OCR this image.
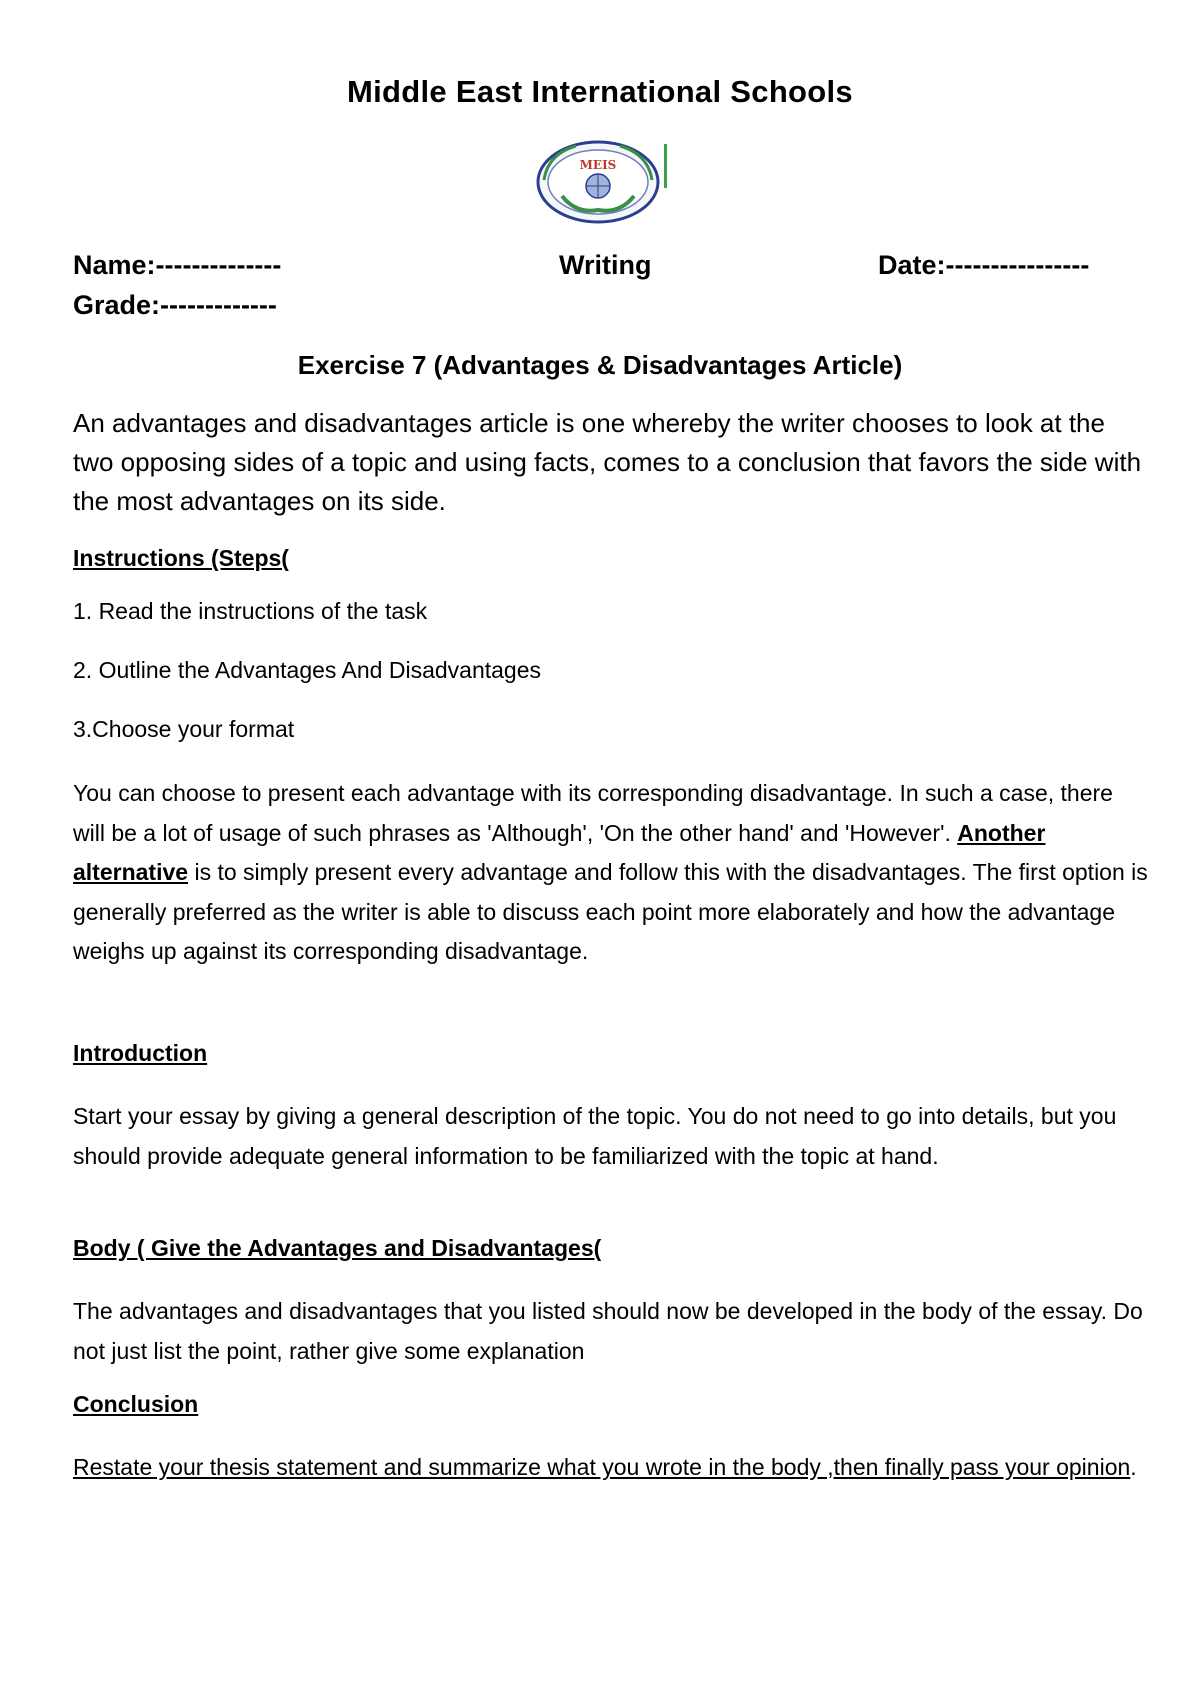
Middle East International Schools
MEIS
Name:--------------	Writing	Date:----------------
Grade:-------------
Exercise 7 (Advantages & Disadvantages Article)

An advantages and disadvantages article is one whereby the writer chooses to look at the two opposing sides of a topic and using facts, comes to a conclusion that favors the side with the most advantages on its side.

Instructions (Steps(

1. Read the instructions of the task

2. Outline the Advantages And Disadvantages

3.Choose your format

You can choose to present each advantage with its corresponding disadvantage. In such a case, there will be a lot of usage of such phrases as 'Although', 'On the other hand' and 'However'. Another alternative is to simply present every advantage and follow this with the disadvantages. The first option is generally preferred as the writer is able to discuss each point more elaborately and how the advantage weighs up against its corresponding disadvantage.

Introduction

Start your essay by giving a general description of the topic. You do not need to go into details, but you should provide adequate general information to be familiarized with the topic at hand.

Body ( Give the Advantages and Disadvantages(

The advantages and disadvantages that you listed should now be developed in the body of the essay. Do not just list the point, rather give some explanation

Conclusion

Restate your thesis statement and summarize what you wrote in the body ,then finally pass your opinion.
